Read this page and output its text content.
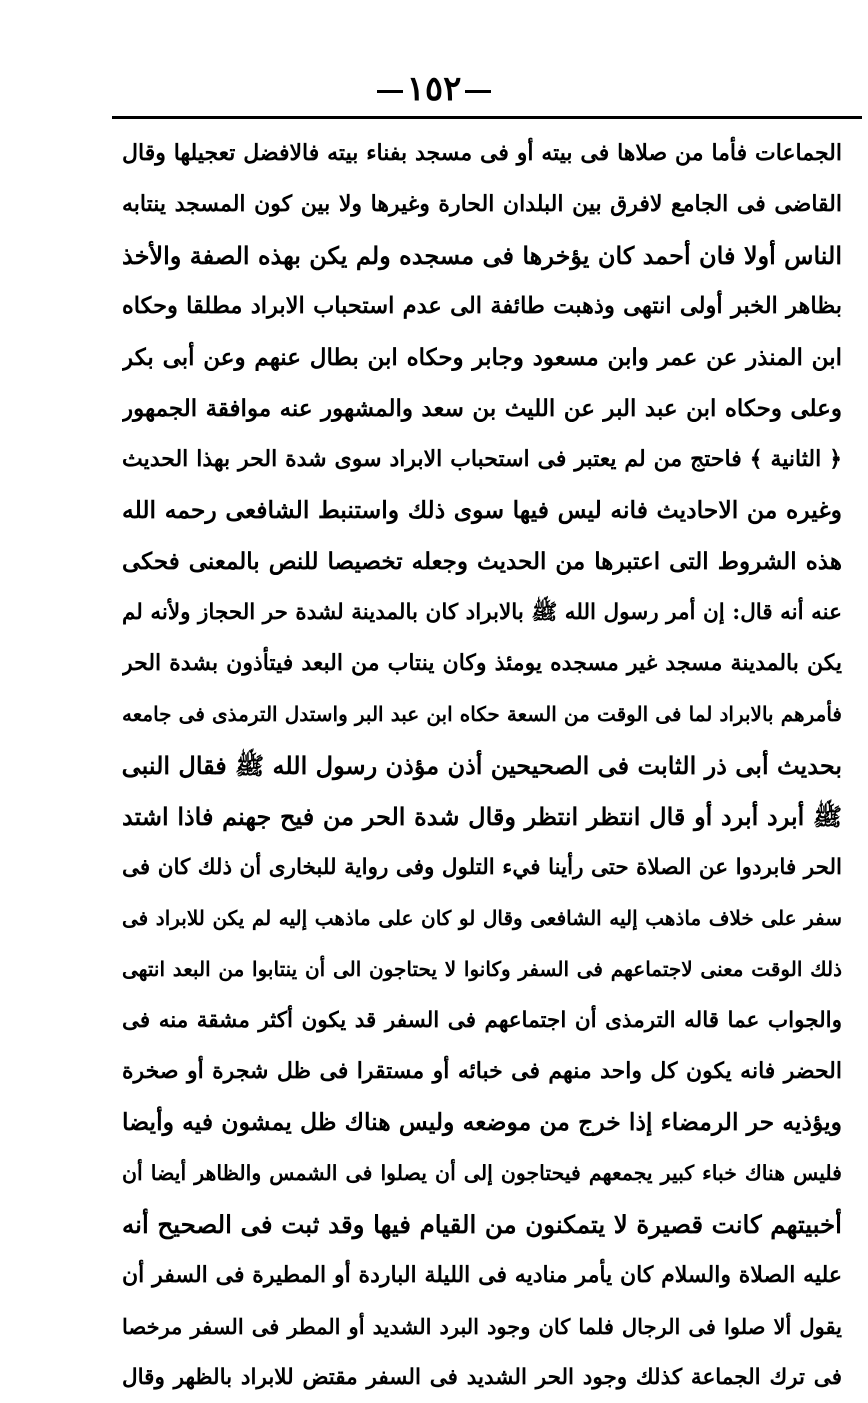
١٥٢
الجماعات فأما من صلاها فى بيته أو فى مسجد بفناء بيته فالافضل تعجيلها وقال
القاضى فى الجامع لافرق بين البلدان الحارة وغيرها ولا بين كون المسجد ينتابه
الناس أولا فان أحمد كان يؤخرها فى مسجده ولم يكن بهذه الصفة والأخذ
بظاهر الخبر أولى انتهى وذهبت طائفة الى عدم استحباب الابراد مطلقا وحكاه
ابن المنذر عن عمر وابن مسعود وجابر وحكاه ابن بطال عنهم وعن أبى بكر
وعلى وحكاه ابن عبد البر عن الليث بن سعد والمشهور عنه موافقة الجمهور
﴿ الثانية ﴾ فاحتج من لم يعتبر فى استحباب الابراد سوى شدة الحر بهذا الحديث
وغيره من الاحاديث فانه ليس فيها سوى ذلك واستنبط الشافعى رحمه الله
هذه الشروط التى اعتبرها من الحديث وجعله تخصيصا للنص بالمعنى فحكى
عنه أنه قال: إن أمر رسول الله ﷺ بالابراد كان بالمدينة لشدة حر الحجاز ولأنه لم
يكن بالمدينة مسجد غير مسجده يومئذ وكان ينتاب من البعد فيتأذون بشدة الحر
فأمرهم بالابراد لما فى الوقت من السعة حكاه ابن عبد البر واستدل الترمذى فى جامعه
بحديث أبى ذر الثابت فى الصحيحين أذن مؤذن رسول الله ﷺ فقال النبى
ﷺ أبرد أبرد أو قال انتظر انتظر وقال شدة الحر من فيح جهنم فاذا اشتد
الحر فابردوا عن الصلاة حتى رأينا فيء التلول وفى رواية للبخارى أن ذلك كان فى
سفر على خلاف ماذهب إليه الشافعى وقال لو كان على ماذهب إليه لم يكن للابراد فى
ذلك الوقت معنى لاجتماعهم فى السفر وكانوا لا يحتاجون الى أن ينتابوا من البعد انتهى
والجواب عما قاله الترمذى أن اجتماعهم فى السفر قد يكون أكثر مشقة منه فى
الحضر فانه يكون كل واحد منهم فى خبائه أو مستقرا فى ظل شجرة أو صخرة
ويؤذيه حر الرمضاء إذا خرج من موضعه وليس هناك ظل يمشون فيه وأيضا
فليس هناك خباء كبير يجمعهم فيحتاجون إلى أن يصلوا فى الشمس والظاهر أيضا أن
أخبيتهم كانت قصيرة لا يتمكنون من القيام فيها وقد ثبت فى الصحيح أنه
عليه الصلاة والسلام كان يأمر مناديه فى الليلة الباردة أو المطيرة فى السفر أن
يقول ألا صلوا فى الرجال فلما كان وجود البرد الشديد أو المطر فى السفر مرخصا
فى ترك الجماعة كذلك وجود الحر الشديد فى السفر مقتض للابراد بالظهر وقال
